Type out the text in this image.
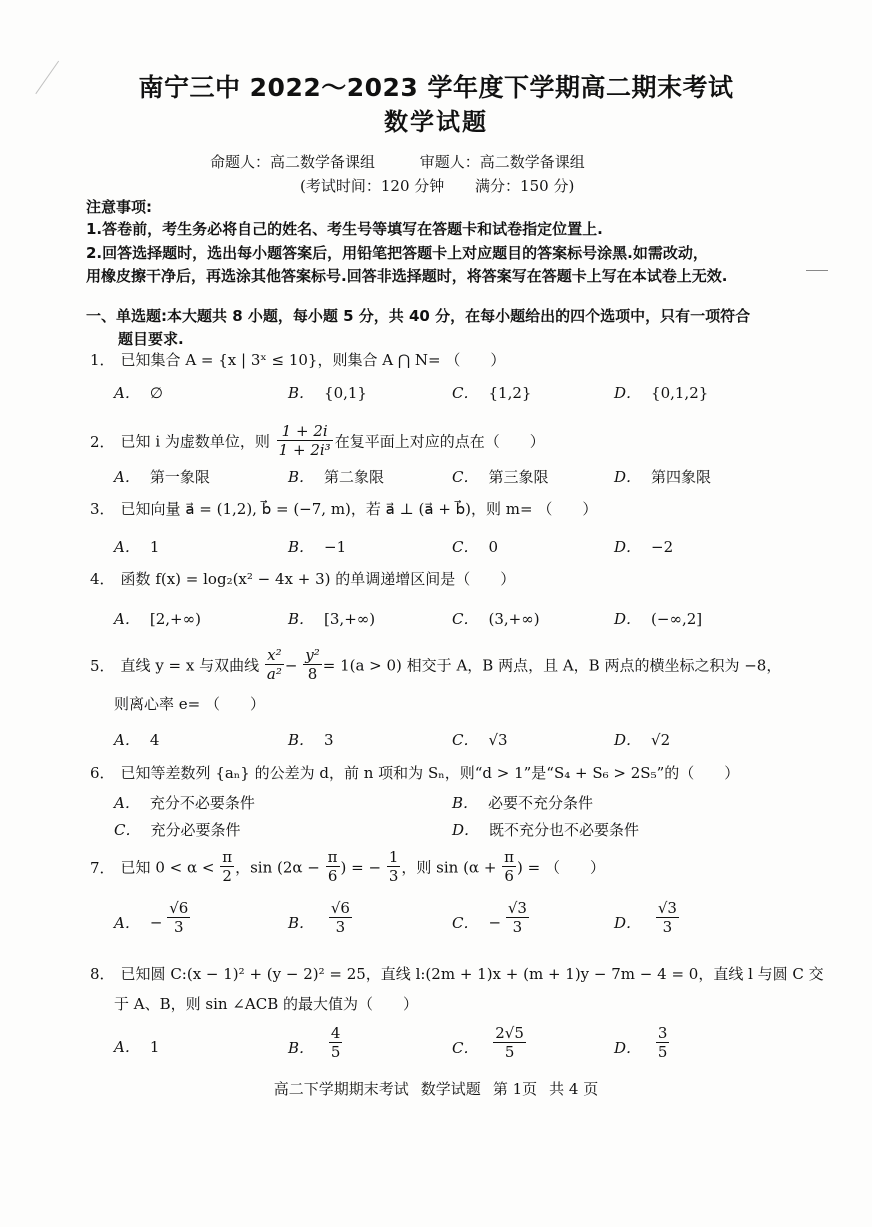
南宁三中 2022～2023 学年度下学期高二期末考试
数学试题
命题人：高二数学备课组	审题人：高二数学备课组
(考试时间：120 分钟 满分：150 分)
注意事项:
1.答卷前，考生务必将自己的姓名、考生号等填写在答题卡和试卷指定位置上.
2.回答选择题时，选出每小题答案后，用铅笔把答题卡上对应题目的答案标号涂黑.如需改动，
用橡皮擦干净后，再选涂其他答案标号.回答非选择题时，将答案写在答题卡上写在本试卷上无效.
一、单选题:本大题共 8 小题，每小题 5 分，共 40 分，在每小题给出的四个选项中，只有一项符合
题目要求.
1． 已知集合 A = {x | 3ˣ ≤ 10}，则集合 A ⋂ N= （　　）
A． ∅	B． {0,1}	C． {1,2}	D． {0,1,2}
2． 已知 i 为虚数单位，则 $\frac{1 + 2i}{\text{1 + 2i³}}$ 在复平面上对应的点在（　　）
A． 第一象限	B． 第二象限	C． 第三象限	D． 第四象限
3． 已知向量 a⃗ = (1,2), b⃗ = (−7, m)，若 a⃗ ⊥ (a⃗ + b⃗)，则 m= （　　）
A． 1	B． −1	C． 0	D． −2
4． 函数 f(x) = log₂(x² − 4x + 3) 的单调递增区间是（　　）
A． [2,+∞)	B． [3,+∞)	C． (3,+∞)	D． (−∞,2]
5． 直线 y = x 与双曲线 $\frac{\text{x²}}{\text{a²}} - \frac{\text{y²}}{8} = 1(a > 0)$ 相交于 A，B 两点，且 A，B 两点的横坐标之积为 −8，
则离心率 e= （　　）
A． 4	B． 3	C． √3	D． √2
6． 已知等差数列 {aₙ} 的公差为 d，前 n 项和为 Sₙ，则“d > 1”是“S₄ + S₆ > 2S₅”的（　　）
A． 充分不必要条件	B． 必要不充分条件
C． 充分必要条件	D． 既不充分也不必要条件
7． 已知 $0 < \alpha < \frac{\pi}{2}$ ，$\sin (2\alpha - \frac{\pi}{6}$ ) = − $\frac{1}{3}$ ，则 $\sin (\alpha + \frac{\pi}{6}$ ) = （　　）
A． − $\frac{√6}{3}$	B． $\frac{√6}{3}$	C． − $\frac{√3}{3}$	D． $\frac{√3}{3}$
8． 已知圆 C:(x − 1)² + (y − 2)² = 25，直线 l:(2m + 1)x + (m + 1)y − 7m − 4 = 0，直线 l 与圆 C 交
于 A、B，则 sin ∠ACB 的最大值为（　　）
A． 1	B． $\frac{4}{5}$	C． $\frac{2√5}{5}$	D． $\frac{3}{5}$
高二下学期期末考试 数学试题 第 1页 共 4 页
